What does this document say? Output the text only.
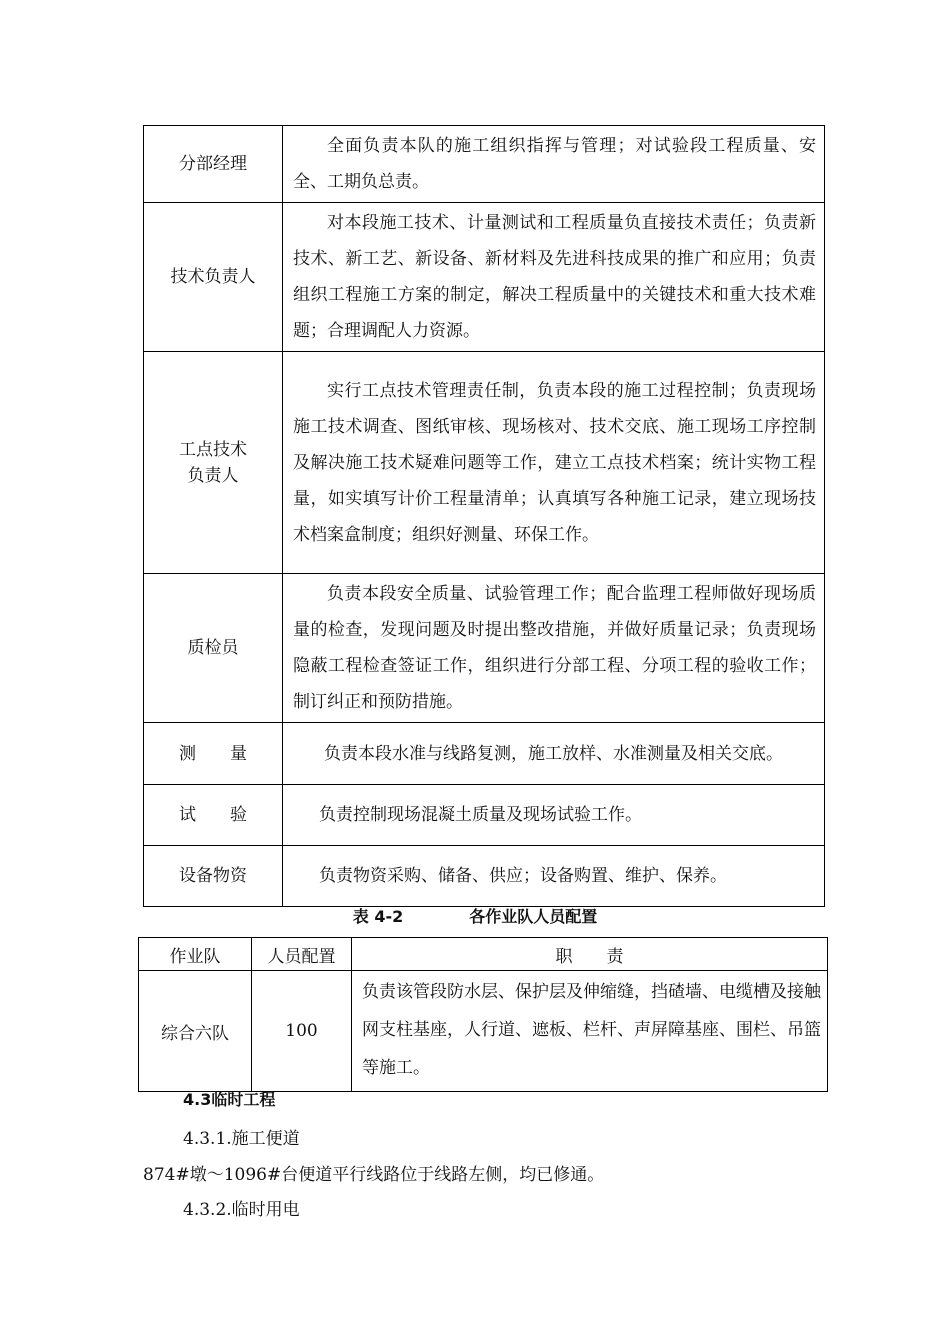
分部经理	全面负责本队的施工组织指挥与管理；对试验段工程质量、安全、工期负总责。
技术负责人	对本段施工技术、计量测试和工程质量负直接技术责任；负责新技术、新工艺、新设备、新材料及先进科技成果的推广和应用；负责组织工程施工方案的制定，解决工程质量中的关键技术和重大技术难题；合理调配人力资源。

工点技术
负责人	实行工点技术管理责任制，负责本段的施工过程控制；负责现场施工技术调查、图纸审核、现场核对、技术交底、施工现场工序控制及解决施工技术疑难问题等工作，建立工点技术档案；统计实物工程量，如实填写计价工程量清单；认真填写各种施工记录，建立现场技术档案盒制度；组织好测量、环保工作。
质检员	负责本段安全质量、试验管理工作；配合监理工程师做好现场质量的检查，发现问题及时提出整改措施，并做好质量记录；负责现场隐蔽工程检查签证工作，组织进行分部工程、分项工程的验收工作；制订纠正和预防措施。
测　　量	负责本段水准与线路复测，施工放样、水准测量及相关交底。
试　　验	负责控制现场混凝土质量及现场试验工作。
设备物资	负责物资采购、储备、供应；设备购置、维护、保养。
表 4-2	各作业队人员配置
作业队	人员配置	职　　责
综合六队	100	负责该管段防水层、保护层及伸缩缝，挡碴墙、电缆槽及接触网支柱基座，人行道、遮板、栏杆、声屏障基座、围栏、吊篮等施工。
4.3临时工程
4.3.1.施工便道
874#墩～1096#台便道平行线路位于线路左侧，均已修通。
4.3.2.临时用电
